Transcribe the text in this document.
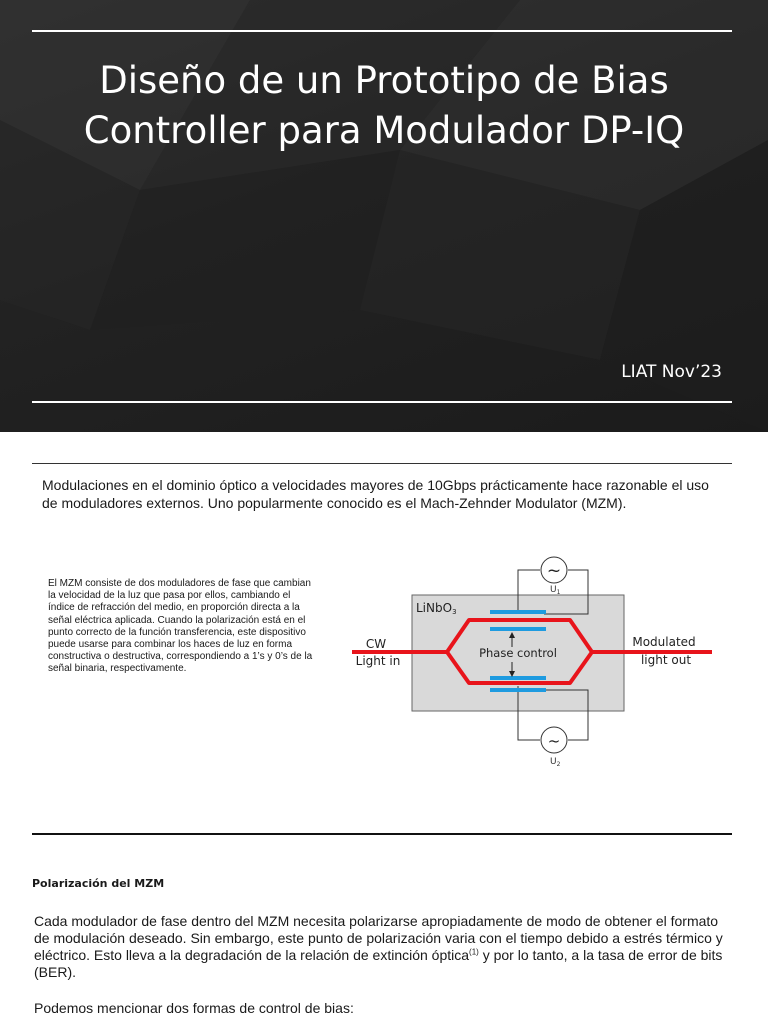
Diseño de un Prototipo de Bias
Controller para Modulador DP-IQ
LIAT Nov’23

Modulaciones en el dominio óptico a velocidades mayores de 10Gbps prácticamente hace razonable el uso de moduladores externos. Uno popularmente conocido es el Mach-Zehnder Modulator (MZM).

El MZM consiste de dos moduladores de fase que cambian la velocidad de la luz que pasa por ellos, cambiando el índice de refracción del medio, en proporción directa a la señal eléctrica aplicada. Cuando la polarización está en el punto correcto de la función transferencia, este dispositivo puede usarse para combinar los haces de luz en forma constructiva o destructiva, correspondiendo a 1’s y 0’s de la señal binaria, respectivamente.

~
~
$U_1$
$U_2$
LiNbO3
Phase control
CW
Light in
Modulated
light out
Polarización del MZM

Cada modulador de fase dentro del MZM necesita polarizarse apropiadamente de modo de obtener el formato de modulación deseado. Sin embargo, este punto de polarización varia con el tiempo debido a estrés térmico y eléctrico. Esto lleva a la degradación de la relación de extinción óptica$^{(1)}$ y por lo tanto, a la tasa de error de bits (BER).

Podemos mencionar dos formas de control de bias:
